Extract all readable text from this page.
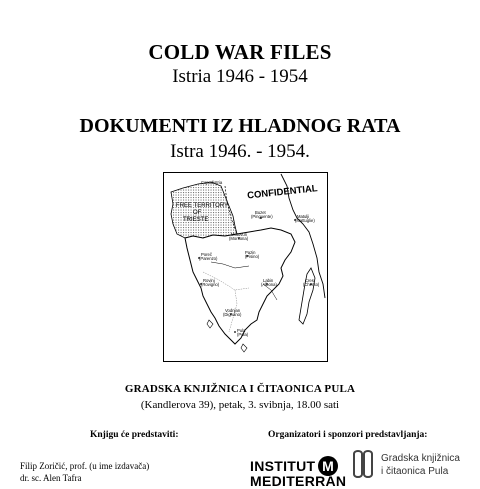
COLD WAR FILES
Istria 1946 - 1954
DOKUMENTI IZ HLADNOG RATA
Istra 1946. - 1954.
CONFIDENTIAL
FREE TERRITORY
OF
TRIESTE
Capodistria
Buzet
(Pinguente)	Matulji
(Mattuglie)
Motovun
(Montona)
Poreč
(Parenzo)
Pazin
(Pisino)
Rovinj
(Rovigno)
Labin
(Albona)
Vodnjan
(Dignano)
Pula
(Pola)
Cres
(Cherso)
GRADSKA KNJIŽNICA I ČITAONICA PULA
(Kandlerova 39), petak, 3. svibnja, 18.00 sati
Knjigu će predstaviti:	Organizatori i sponzori predstavljanja:
Filip Zoričić, prof. (u ime izdavača)
dr. sc. Alen Tafra
INSTITUT M
MEDITERRAN
Gradska knjižnica
i čitaonica Pula
